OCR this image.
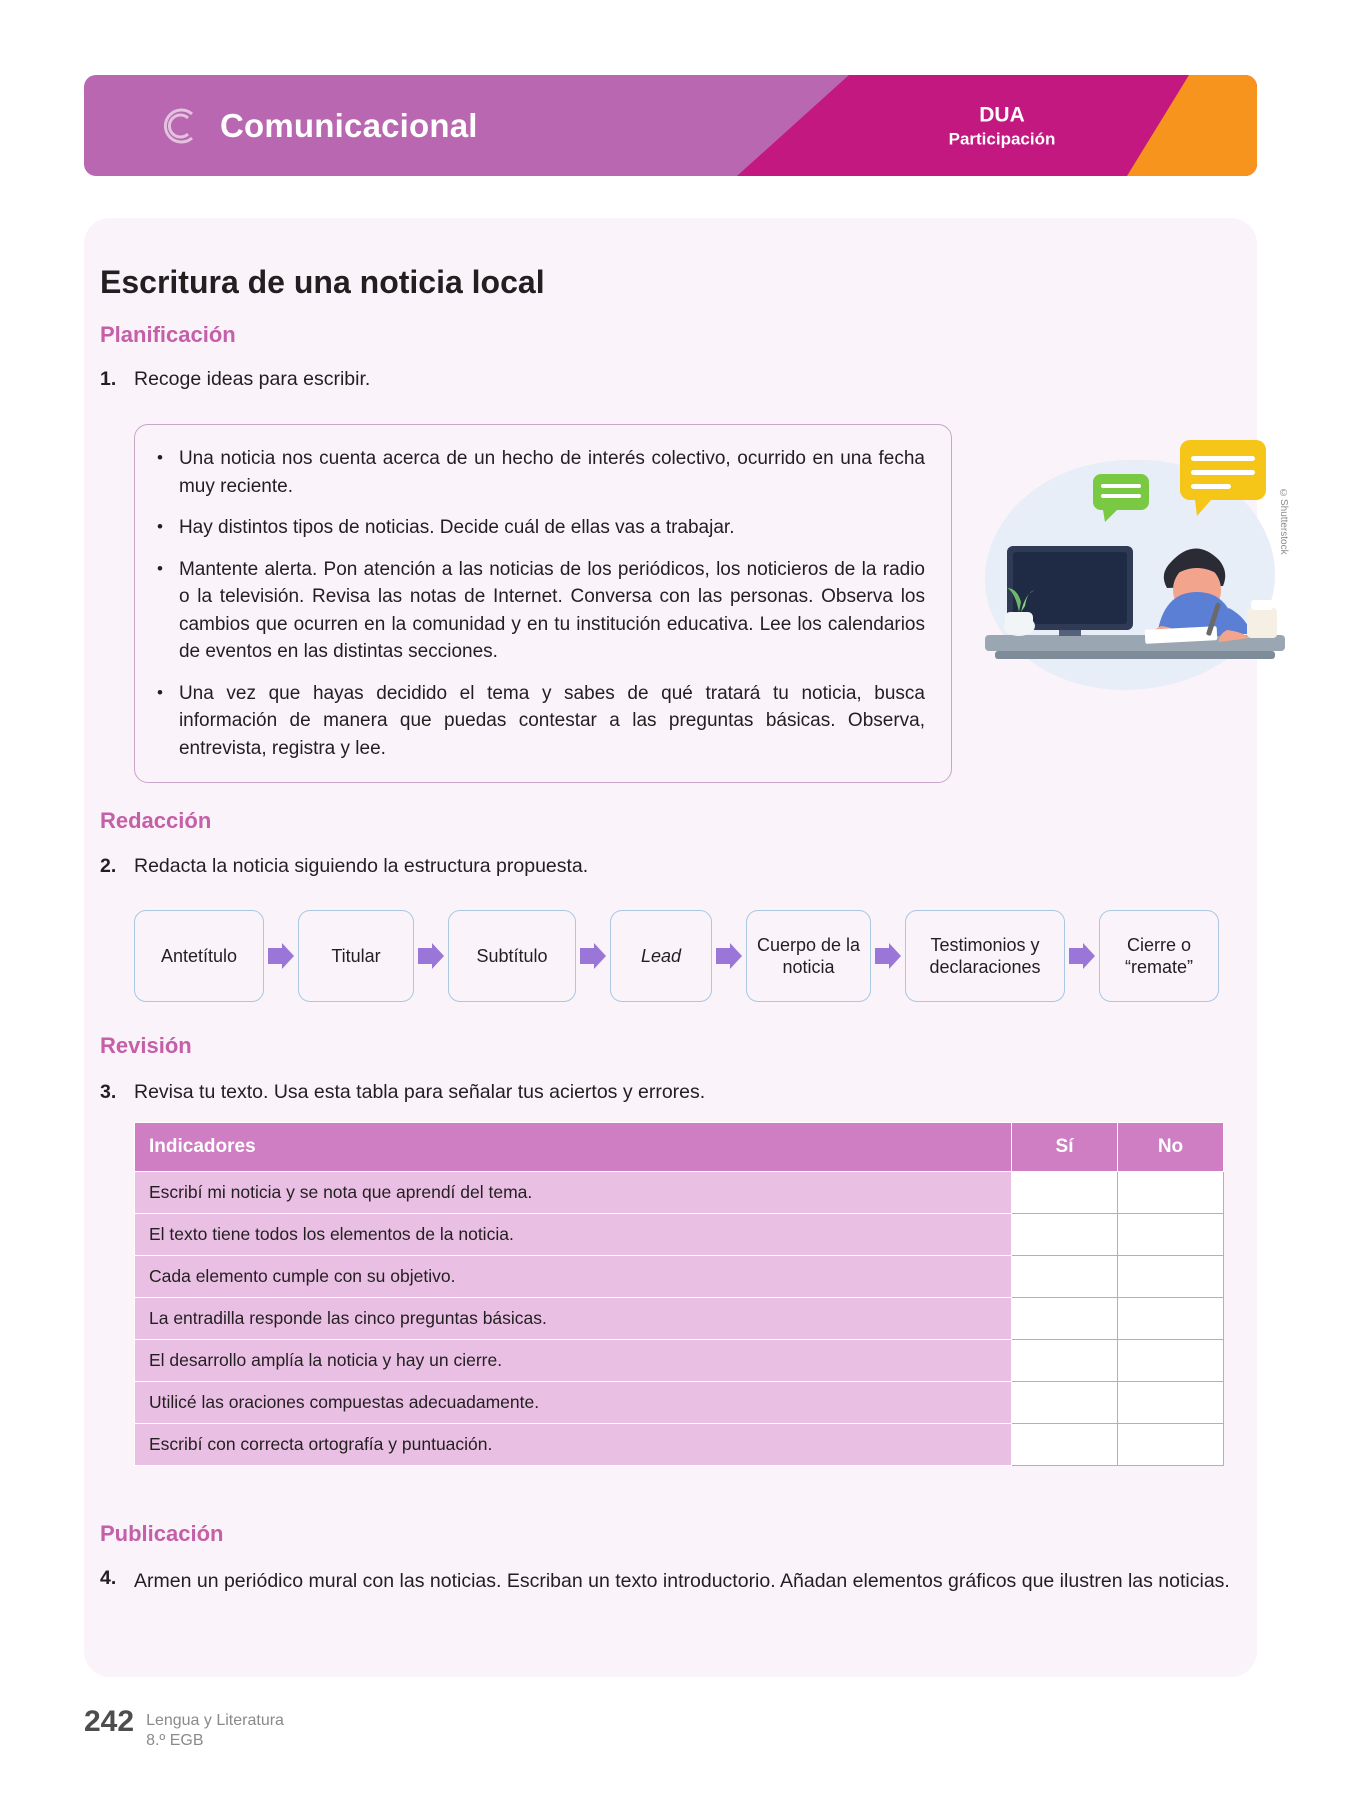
Comunicacional	DUA
Participación
Escritura de una noticia local
Planificación
1. Recoge ideas para escribir.
• Una noticia nos cuenta acerca de un hecho de interés colectivo, ocurrido en una fecha muy reciente.
• Hay distintos tipos de noticias. Decide cuál de ellas vas a trabajar.
• Mantente alerta. Pon atención a las noticias de los periódicos, los noticieros de la radio o la televisión. Revisa las notas de Internet. Conversa con las personas. Observa los cambios que ocurren en la comunidad y en tu institución educativa. Lee los calendarios de eventos en las distintas secciones.
• Una vez que hayas decidido el tema y sabes de qué tratará tu noticia, busca información de manera que puedas contestar a las preguntas básicas. Observa, entrevista, registra y lee.
©Shutterstock
Redacción
2. Redacta la noticia siguiendo la estructura propuesta.
Antetítulo	Titular	Subtítulo	Lead
Cuerpo de la noticia
Testimonios y declaraciones
Cierre o “remate”
Revisión
3. Revisa tu texto. Usa esta tabla para señalar tus aciertos y errores.
Indicadores	Sí	No
Escribí mi noticia y se nota que aprendí del tema.		
El texto tiene todos los elementos de la noticia.		
Cada elemento cumple con su objetivo.		
La entradilla responde las cinco preguntas básicas.		
El desarrollo amplía la noticia y hay un cierre.		
Utilicé las oraciones compuestas adecuadamente.		
Escribí con correcta ortografía y puntuación.		
Publicación
4. Armen un periódico mural con las noticias. Escriban un texto introductorio. Añadan elementos gráficos que ilustren las noticias.
242 Lengua y Literatura
8.º EGB
